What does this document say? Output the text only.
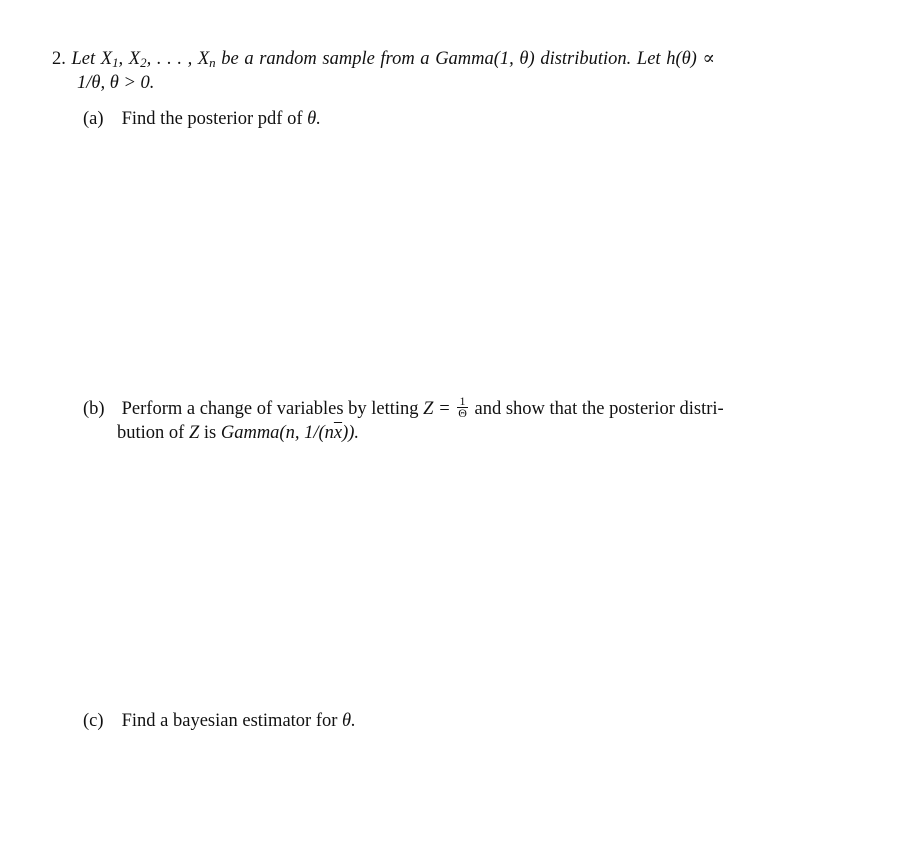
2. Let $X_1$, $X_2$, . . . , $X_n$ be a random sample from a Gamma(1, θ) distribution. Let h(θ) ∝
1/θ, θ > 0.
(a) Find the posterior pdf of θ.
(b) Perform a change of variables by letting $Z = \frac{1}{\Theta}$ and show that the posterior distri-
bution of Z is Gamma(n, $1/(n\overline{x})$).
(c) Find a bayesian estimator for θ.
